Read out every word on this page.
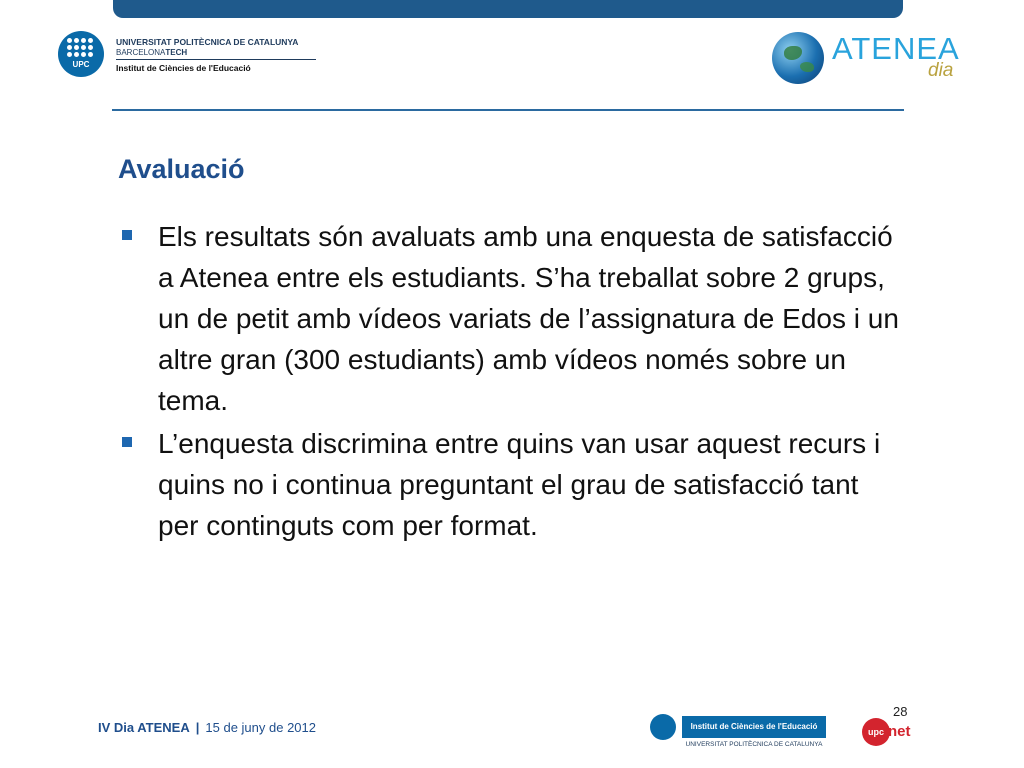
UPC
UNIVERSITAT POLITÈCNICA DE CATALUNYA
BARCELONATECH
Institut de Ciències de l'Educació
ATENEA
dia
Avaluació
Els resultats són avaluats amb una enquesta de satisfacció a Atenea entre els estudiants. S’ha treballat sobre 2 grups, un de petit amb vídeos variats de l’assignatura de Edos i un altre gran (300 estudiants) amb vídeos només sobre un tema.
L’enquesta discrimina entre quins van usar aquest recurs i quins no i continua preguntant el grau de satisfacció tant per continguts com per format.
IV Dia ATENEA | 15 de juny de 2012	Institut de Ciències de l'Educació
UNIVERSITAT POLITÈCNICA DE CATALUNYA
upc net
28
